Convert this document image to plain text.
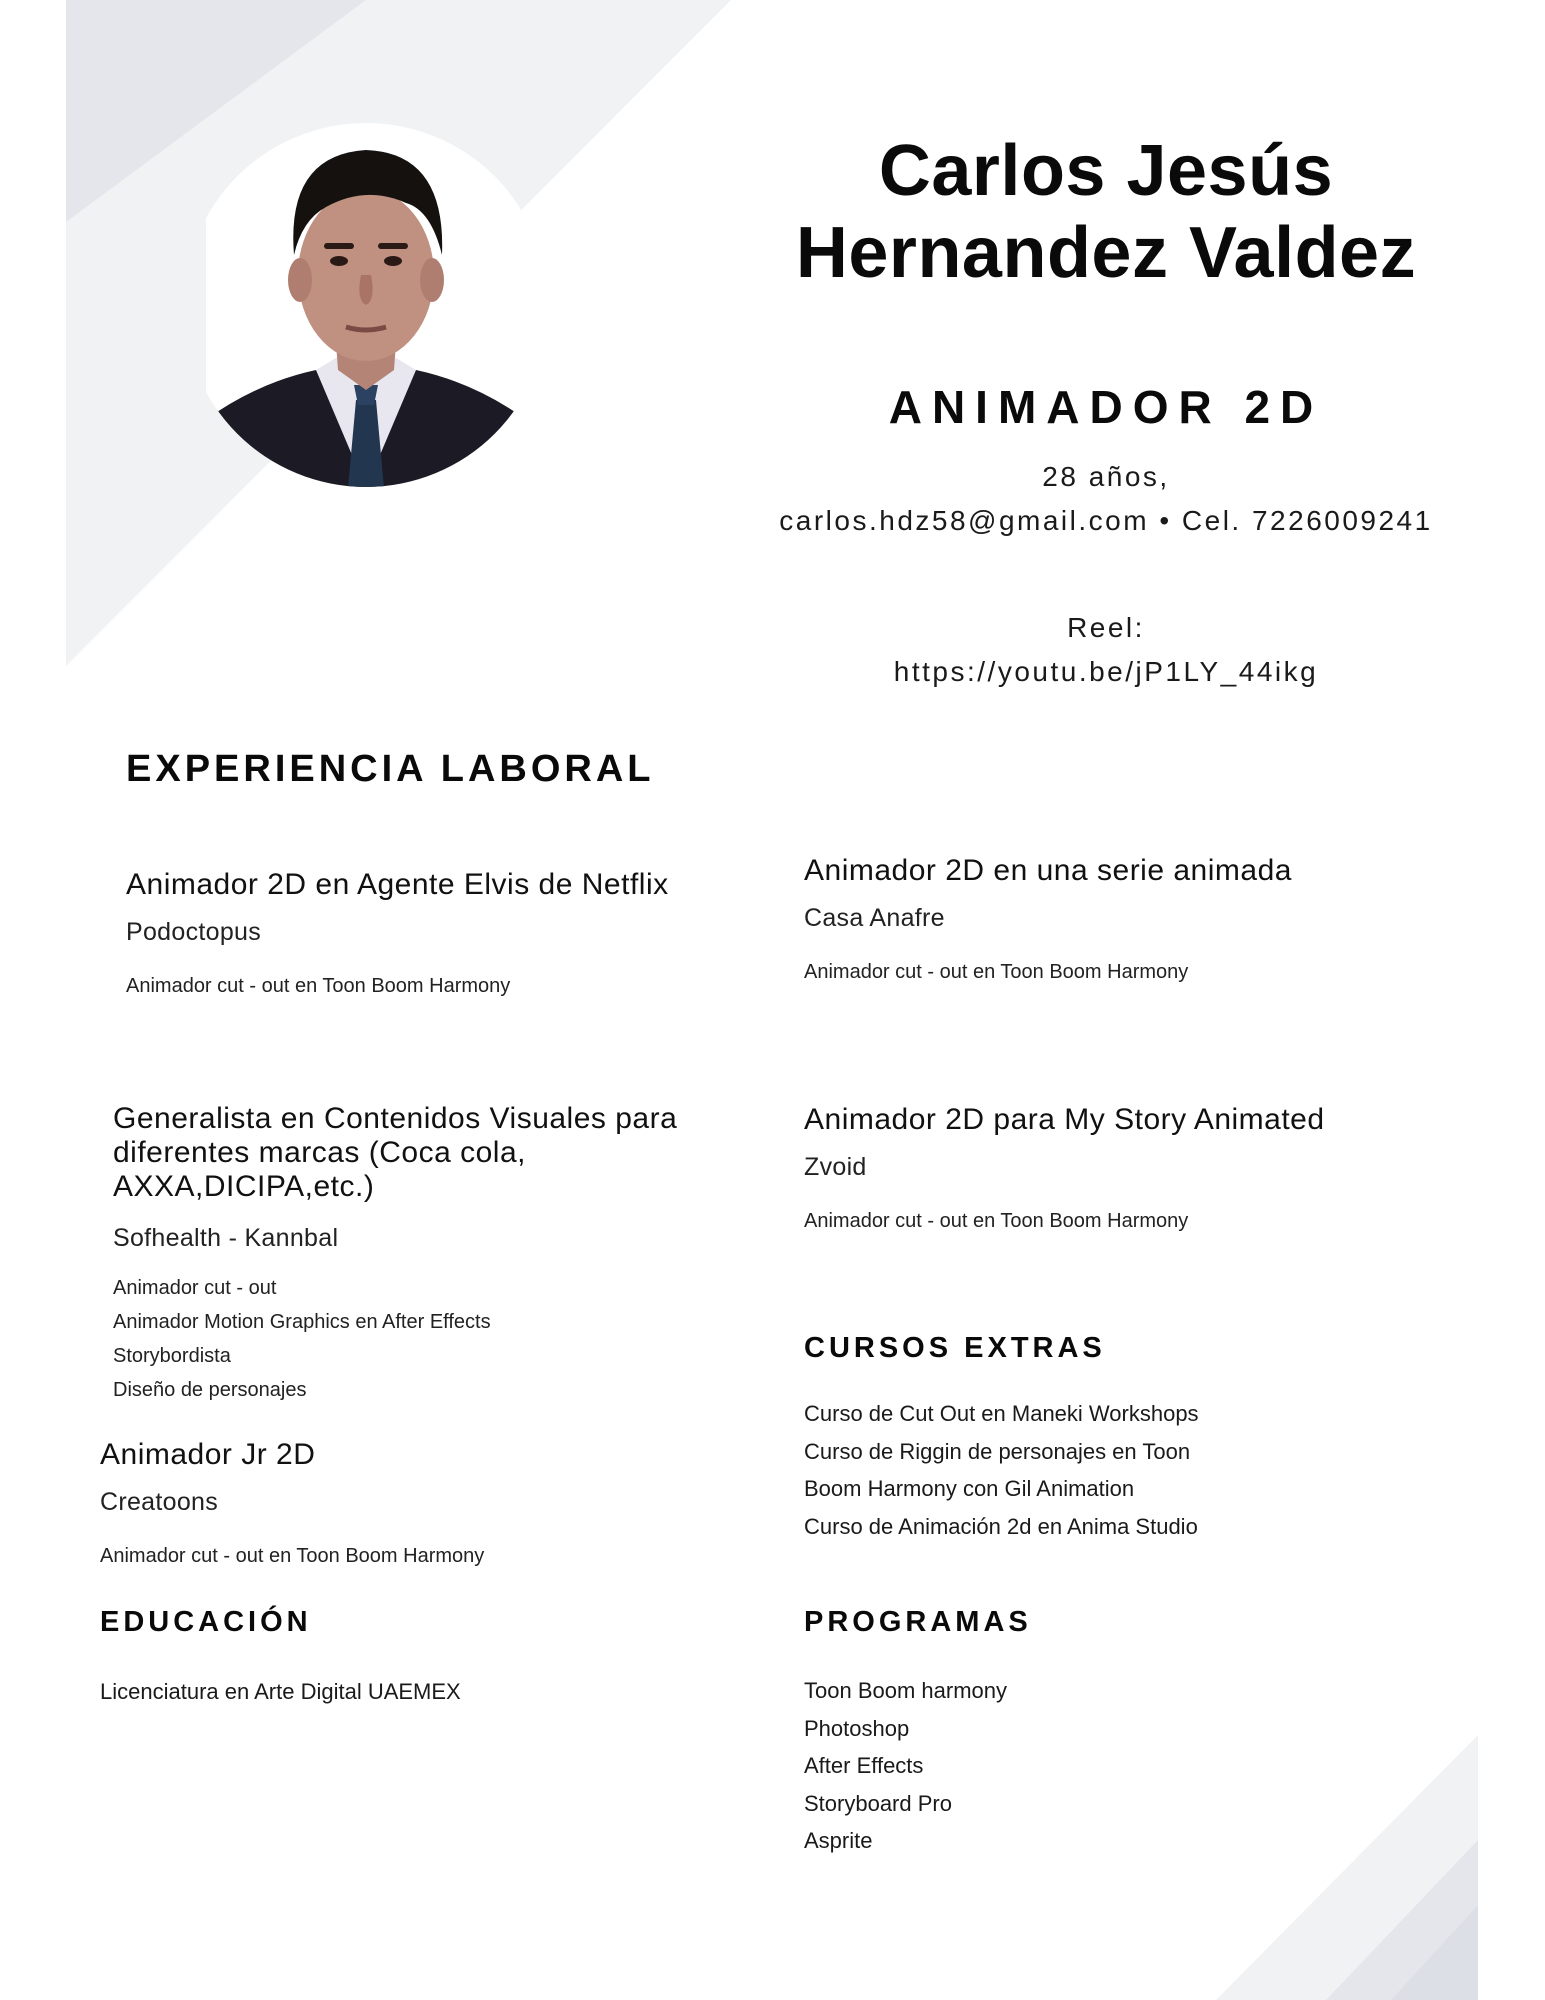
Carlos Jesús
Hernandez Valdez
ANIMADOR 2D
28 años,
carlos.hdz58@gmail.com • Cel. 7226009241
Reel:
https://youtu.be/jP1LY_44ikg
EXPERIENCIA LABORAL
Animador 2D en Agente Elvis de Netflix
Podoctopus
Animador cut - out en Toon Boom Harmony
Animador 2D en una serie animada
Casa Anafre
Animador cut - out en Toon Boom Harmony
Generalista en Contenidos Visuales para
diferentes marcas (Coca cola,
AXXA,DICIPA,etc.)
Sofhealth - Kannbal
Animador cut - out
Animador Motion Graphics en After Effects
Storybordista
Diseño de personajes
Animador 2D para My Story Animated
Zvoid
Animador cut - out en Toon Boom Harmony
Animador Jr 2D
Creatoons
Animador cut - out en Toon Boom Harmony
CURSOS EXTRAS
Curso de Cut Out en Maneki Workshops
Curso de Riggin de personajes en Toon
Boom Harmony con Gil Animation
Curso de Animación 2d en Anima Studio
EDUCACIÓN
Licenciatura en Arte Digital UAEMEX
PROGRAMAS
Toon Boom harmony
Photoshop
After Effects
Storyboard Pro
Asprite
